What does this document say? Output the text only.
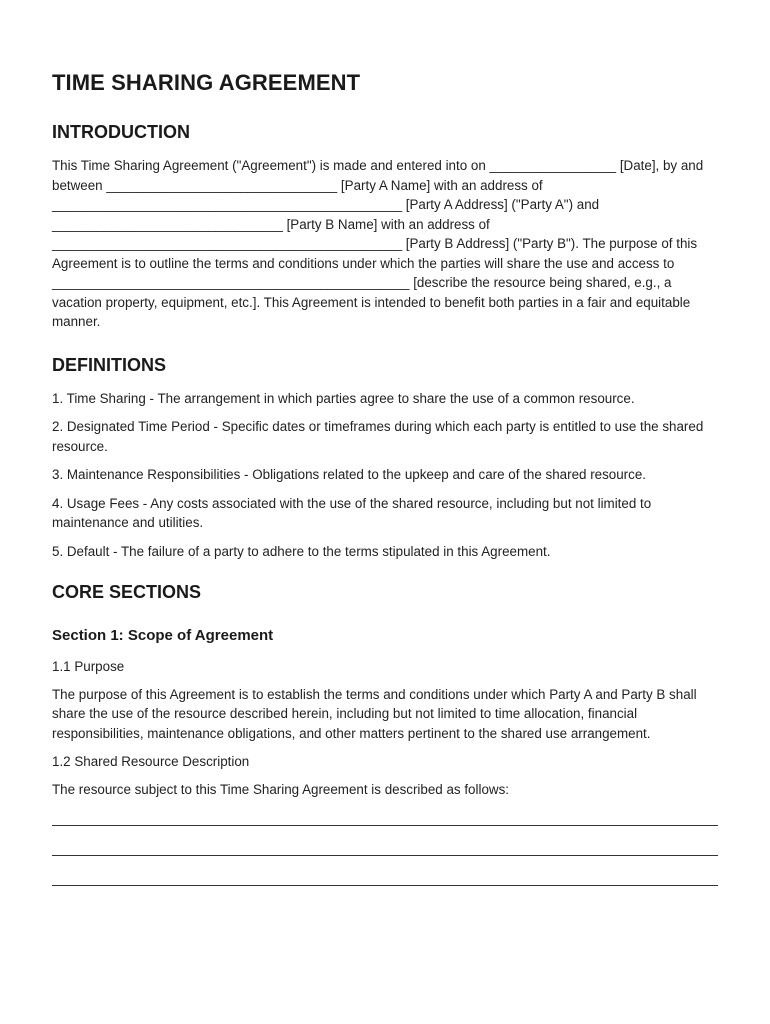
TIME SHARING AGREEMENT
INTRODUCTION

This Time Sharing Agreement ("Agreement") is made and entered into on _________________ [Date], by and between _______________________________ [Party A Name] with an address of _______________________________________________ [Party A Address] ("Party A") and _______________________________ [Party B Name] with an address of _______________________________________________ [Party B Address] ("Party B"). The purpose of this Agreement is to outline the terms and conditions under which the parties will share the use and access to ________________________________________________ [describe the resource being shared, e.g., a vacation property, equipment, etc.]. This Agreement is intended to benefit both parties in a fair and equitable manner.

DEFINITIONS

1. Time Sharing - The arrangement in which parties agree to share the use of a common resource.

2. Designated Time Period - Specific dates or timeframes during which each party is entitled to use the shared resource.

3. Maintenance Responsibilities - Obligations related to the upkeep and care of the shared resource.

4. Usage Fees - Any costs associated with the use of the shared resource, including but not limited to maintenance and utilities.

5. Default - The failure of a party to adhere to the terms stipulated in this Agreement.

CORE SECTIONS
Section 1: Scope of Agreement

1.1 Purpose

The purpose of this Agreement is to establish the terms and conditions under which Party A and Party B shall share the use of the resource described herein, including but not limited to time allocation, financial responsibilities, maintenance obligations, and other matters pertinent to the shared use arrangement.

1.2 Shared Resource Description

The resource subject to this Time Sharing Agreement is described as follows:
